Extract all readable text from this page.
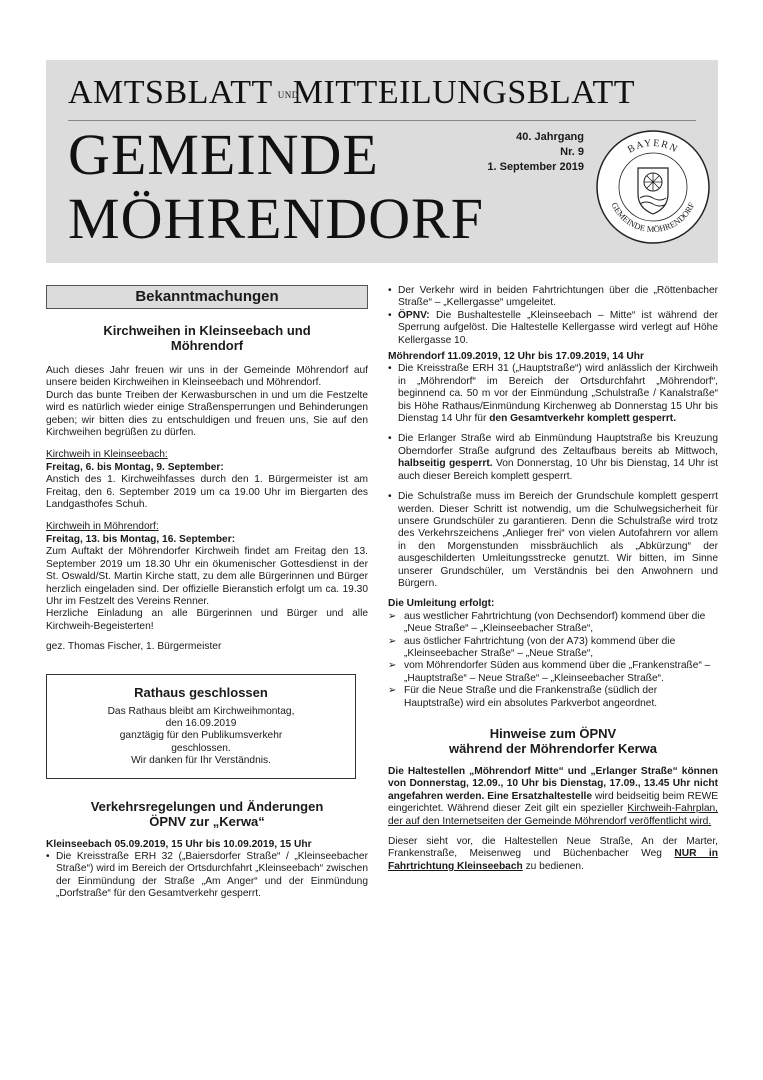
AMTSBLATT UNDMITTEILUNGSBLATT
GEMEINDE
MÖHRENDORF
40. Jahrgang
Nr. 9
1. September 2019
BAYERN
GEMEINDE MÖHRENDORF
Bekanntmachungen
Kirchweihen in Kleinseebach und
Möhrendorf

Auch dieses Jahr freuen wir uns in der Gemeinde Möhrendorf auf unsere beiden Kirchweihen in Kleinseebach und Möhrendorf.

Durch das bunte Treiben der Kerwasburschen in und um die Festzelte wird es natürlich wieder einige Straßensperrungen und Behinderungen geben; wir bitten dies zu entschuldigen und freuen uns, Sie auf den Kirchweihen begrüßen zu dürfen.

Kirchweih in Kleinseebach:

Freitag, 6. bis Montag, 9. September:

Anstich des 1. Kirchweihfasses durch den 1. Bürgermeister ist am Freitag, den 6. September 2019 um ca 19.00 Uhr im Biergarten des Landgasthofes Schuh.

Kirchweih in Möhrendorf:

Freitag, 13. bis Montag, 16. September:

Zum Auftakt der Möhrendorfer Kirchweih findet am Freitag den 13. September 2019 um 18.30 Uhr ein ökumenischer Gottesdienst in der St. Oswald/St. Martin Kirche statt, zu dem alle Bürgerinnen und Bürger herzlich eingeladen sind. Der offizielle Bieranstich erfolgt um ca. 19.30 Uhr im Festzelt des Vereins Renner.

Herzliche Einladung an alle Bürgerinnen und Bürger und alle Kirchweih-Begeisterten!

gez. Thomas Fischer, 1. Bürgermeister

Rathaus geschlossen

Das Rathaus bleibt am Kirchweihmontag,

den 16.09.2019

ganztägig für den Publikumsverkehr

geschlossen.

Wir danken für Ihr Verständnis.

Verkehrsregelungen und Änderungen
ÖPNV zur „Kerwa“

Kleinseebach 05.09.2019, 15 Uhr bis 10.09.2019, 15 Uhr

• Die Kreisstraße ERH 32 („Baiersdorfer Straße“ / „Kleinseebacher Straße“) wird im Bereich der Ortsdurchfahrt „Kleinseebach“ zwischen der Einmündung der Straße „Am Anger“ und der Einmündung „Dorfstraße“ für den Gesamtverkehr gesperrt.
• Der Verkehr wird in beiden Fahrtrichtungen über die „Röttenbacher Straße“ – „Kellergasse“ umgeleitet.
• ÖPNV: Die Bushaltestelle „Kleinseebach – Mitte“ ist während der Sperrung aufgelöst. Die Haltestelle Kellergasse wird verlegt auf Höhe Kellergasse 10.

Möhrendorf 11.09.2019, 12 Uhr bis 17.09.2019, 14 Uhr

• Die Kreisstraße ERH 31 („Hauptstraße“) wird anlässlich der Kirchweih in „Möhrendorf“ im Bereich der Ortsdurchfahrt „Möhrendorf“, beginnend ca. 50 m vor der Einmündung „Schulstraße / Kanalstraße“ bis Höhe Rathaus/Einmündung Kirchenweg ab Donnerstag 15 Uhr bis Dienstag 14 Uhr für den Gesamtverkehr komplett gesperrt.
• Die Erlanger Straße wird ab Einmündung Hauptstraße bis Kreuzung Oberndorfer Straße aufgrund des Zeltaufbaus bereits ab Mittwoch, halbseitig gesperrt. Von Donnerstag, 10 Uhr bis Dienstag, 14 Uhr ist auch dieser Bereich komplett gesperrt.
• Die Schulstraße muss im Bereich der Grundschule komplett gesperrt werden. Dieser Schritt ist notwendig, um die Schulwegsicherheit für unsere Grundschüler zu garantieren. Denn die Schulstraße wird trotz des Verkehrszeichens „Anlieger frei“ von vielen Autofahrern vor allem in den Morgenstunden missbräuchlich als „Abkürzung“ der ausgeschilderten Umleitungsstrecke genutzt. Wir bitten, im Sinne unserer Grundschüler, um Verständnis bei den Anwohnern und Bürgern.

Die Umleitung erfolgt:

➢ aus westlicher Fahrtrichtung (von Dechsendorf) kommend über die „Neue Straße“ – „Kleinseebacher Straße“,
➢ aus östlicher Fahrtrichtung (von der A73) kommend über die „Kleinseebacher Straße“ – „Neue Straße“,
➢ vom Möhrendorfer Süden aus kommend über die „Frankenstraße“ – „Hauptstraße“ – Neue Straße“ – „Kleinseebacher Straße“.
➢ Für die Neue Straße und die Frankenstraße (südlich der Hauptstraße) wird ein absolutes Parkverbot angeordnet.
Hinweise zum ÖPNV
während der Möhrendorfer Kerwa

Die Haltestellen „Möhrendorf Mitte“ und „Erlanger Straße“ können von Donnerstag, 12.09., 10 Uhr bis Dienstag, 17.09., 13.45 Uhr nicht angefahren werden. Eine Ersatzhaltestelle wird beidseitig beim REWE eingerichtet. Während dieser Zeit gilt ein spezieller Kirchweih-Fahrplan, der auf den Internetseiten der Gemeinde Möhrendorf veröffentlicht wird.

Dieser sieht vor, die Haltestellen Neue Straße, An der Marter, Frankenstraße, Meisenweg und Büchenbacher Weg NUR in Fahrtrichtung Kleinseebach zu bedienen.
